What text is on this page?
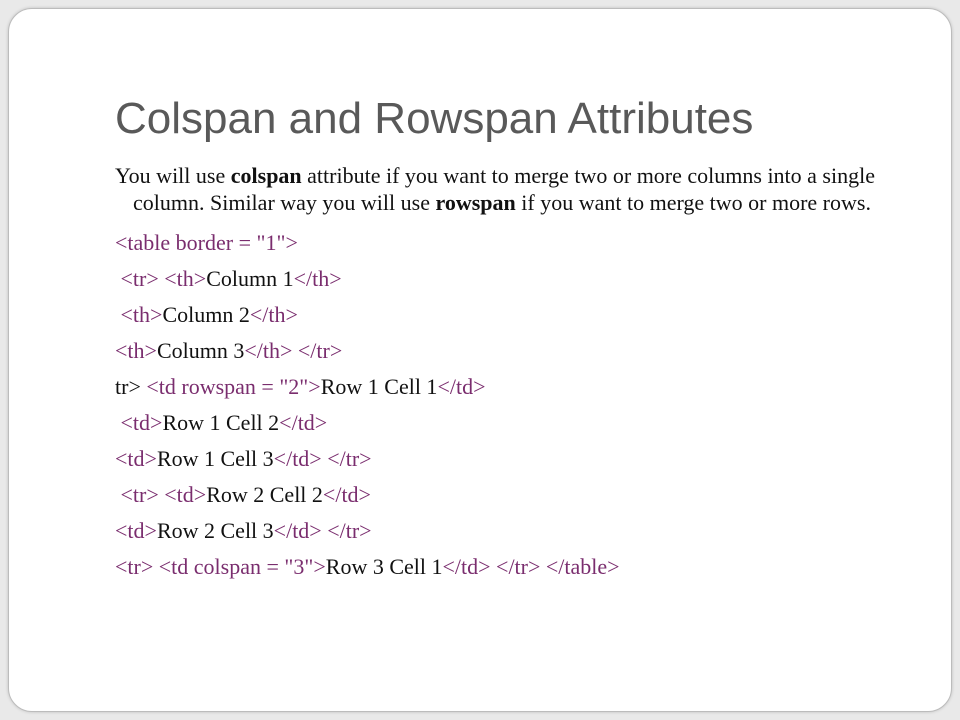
Colspan and Rowspan Attributes

You will use colspan attribute if you want to merge two or more columns into a single column. Similar way you will use rowspan if you want to merge two or more rows.

<table border = "1">
<tr> <th>Column 1</th>
<th>Column 2</th>
<th>Column 3</th> </tr>
tr> <td rowspan = "2">Row 1 Cell 1</td>
<td>Row 1 Cell 2</td>
<td>Row 1 Cell 3</td> </tr>
<tr> <td>Row 2 Cell 2</td>
<td>Row 2 Cell 3</td> </tr>
<tr> <td colspan = "3">Row 3 Cell 1</td> </tr> </table>
